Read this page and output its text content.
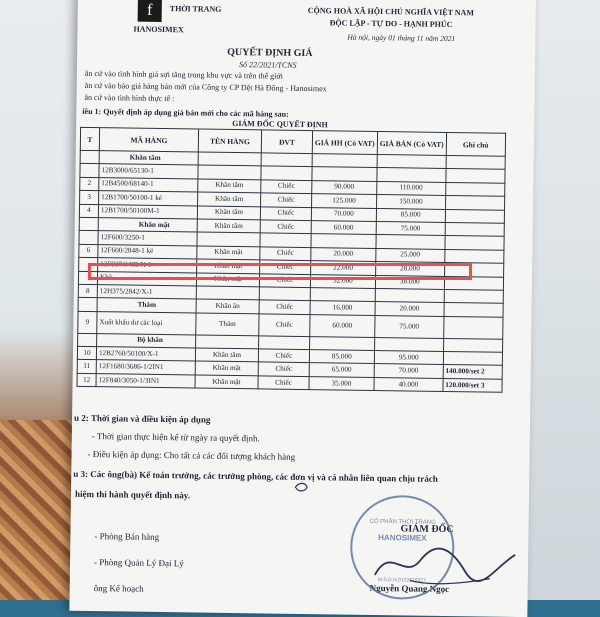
f	THỜI TRANG
HANOSIMEX
CỘNG HOÀ XÃ HỘI CHỦ NGHĨA VIỆT NAM
ĐỘC LẬP - TỰ DO - HẠNH PHÚC
Hà nội, ngày 01 tháng 11 năm 2021
QUYẾT ĐỊNH GIÁ
Số 22/2021/TCNS
ăn cứ vào tình hình giá sợi tăng trong khu vực và trên thế giới
ăn cứ vào báo giá hàng bán mới của Công ty CP Dệt Hà Đông - Hanosimex
ăn cứ vào tình hình thực tế :
iều 1: Quyết định áp dụng giá bán mới cho các mã hàng sau:
GIÁM ĐỐC QUYẾT ĐỊNH
T	MÃ HÀNG	TÊN HÀNG	ĐVT	GIÁ HH (Có VAT)	GIÁ BÁN (Có VAT)	Ghi chú
	Khăn tắm					
	12B3000/65130-1					
2	12B4500/68140-1	Khăn tắm	Chiếc	90.000	110.000	
3	12B1700/50100-1 kẻ	Khăn tắm	Chiếc	125.000	150.000	
4	12B1700/50100M-1	Khăn tắm	Chiếc	70.000	85.000	
	Khăn mặt	Khăn tắm	Chiếc	60.000	75.000	
	12F600/3250-1					
6	12F600/2848-1 kẻ	Khăn mặt	Chiếc	20.000	25.000	
	12F937/3485/X-1	Khăn mặt	Chiếc	22.000	28.000	
	Khă...	Khăn mặt	Chiếc	32.000	38.000	
8	12H375/2842/X-1					
	Thảm	Khăn ăn	Chiếc	16.000	20.000	
9	Xuất khẩu dư các loại	Thảm	Chiếc	60.000	75.000	
	Bộ khăn					
10	12B2760/50100/X-1	Khăn tắm	Chiếc	85.000	95.000	
11	12F1680/3686-1/2IN1	Khăn mặt	Chiếc	65.000	70.000	140.000/set 2
12	12F840/3050-1/3IN1	Khăn mặt	Chiếc	35.000	40.000	120.000/set 3
u 2: Thời gian và điều kiện áp dụng
- Thời gian thực hiện kể từ ngày ra quyết định.
- Điều kiện áp dụng: Cho tất cả các đối tượng khách hàng
u 3: Các ông(bà) Kế toán trưởng, các trưởng phòng, các đơn vị và cá nhân liên quan chịu trách
hiệm thi hành quyết định này.
GIÁM ĐỐC
Nguyễn Quang Ngọc
- Phòng Bán hàng
- Phòng Quản Lý Đại Lý
ông Kế hoạch
CỔ PHẦN THỜI TRANG
HANOSIMEX
M.S.D.N.0102819327
